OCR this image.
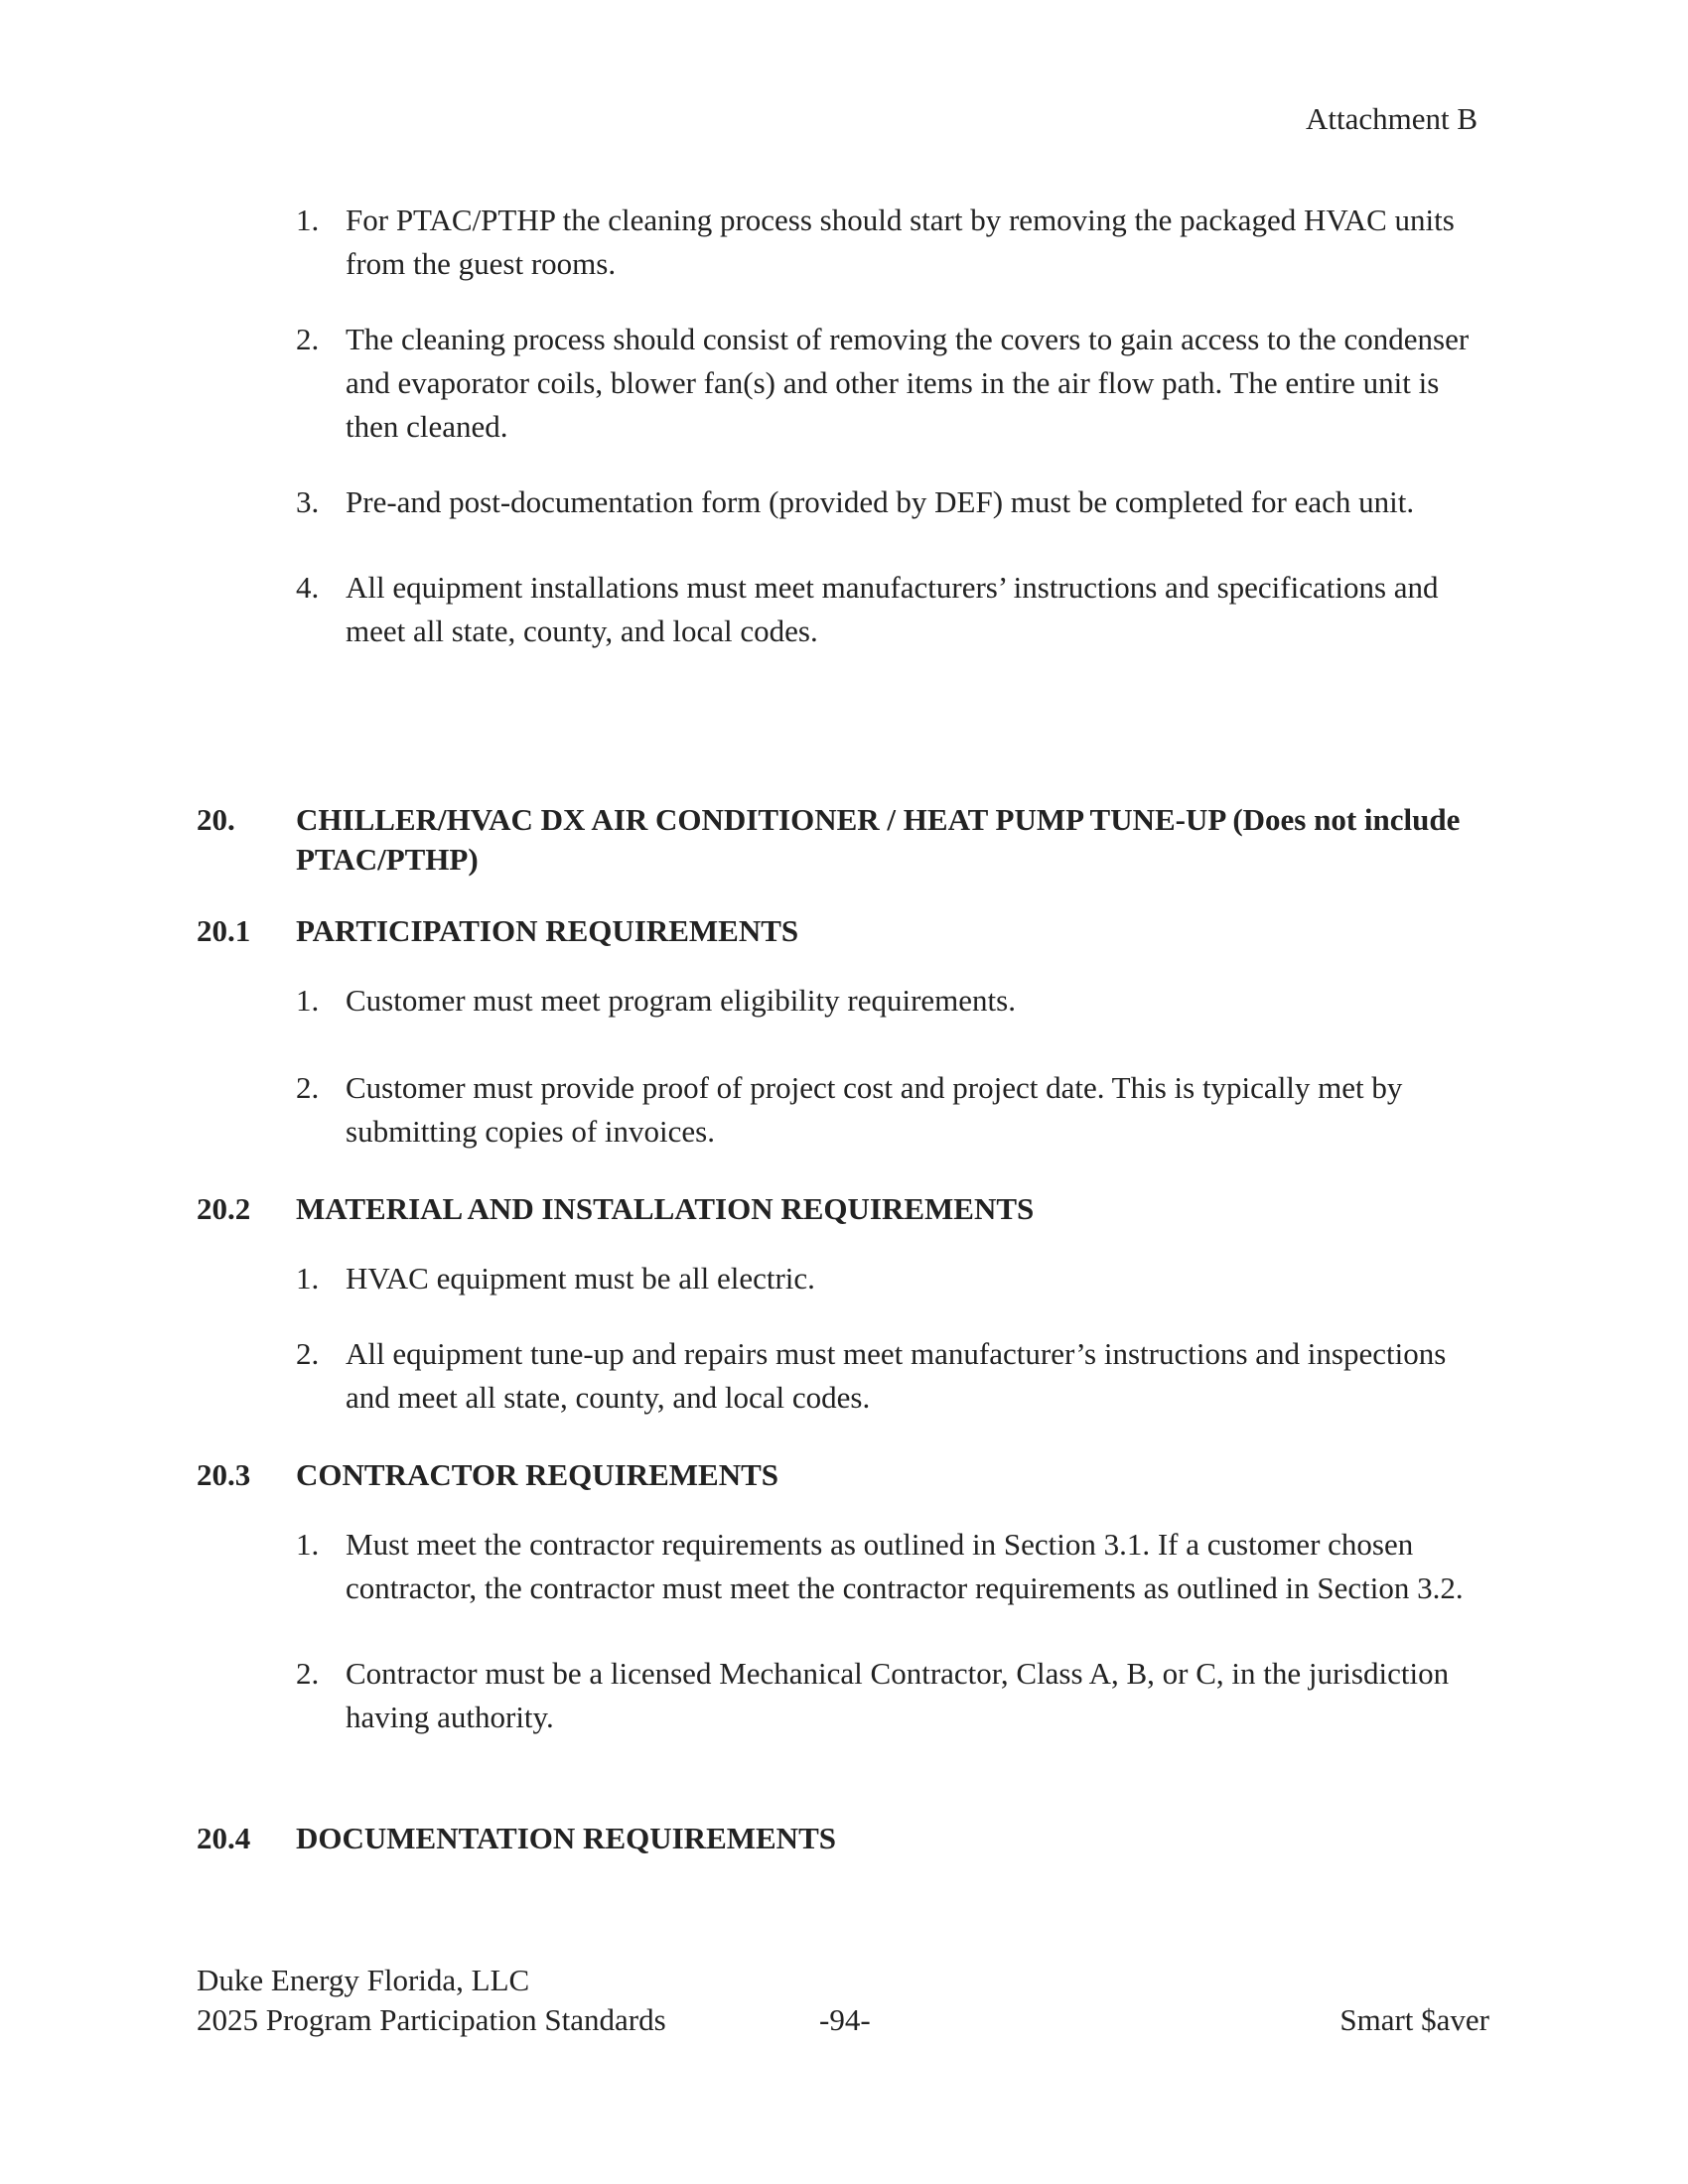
Attachment B
1. For PTAC/PTHP the cleaning process should start by removing the packaged HVAC units from the guest rooms.
2. The cleaning process should consist of removing the covers to gain access to the condenser and evaporator coils, blower fan(s) and other items in the air flow path. The entire unit is then cleaned.
3. Pre-and post-documentation form (provided by DEF) must be completed for each unit.
4. All equipment installations must meet manufacturers’ instructions and specifications and meet all state, county, and local codes.
20. CHILLER/HVAC DX AIR CONDITIONER / HEAT PUMP TUNE-UP (Does not include PTAC/PTHP)
20.1 PARTICIPATION REQUIREMENTS
1. Customer must meet program eligibility requirements.
2. Customer must provide proof of project cost and project date. This is typically met by submitting copies of invoices.
20.2 MATERIAL AND INSTALLATION REQUIREMENTS
1. HVAC equipment must be all electric.
2. All equipment tune-up and repairs must meet manufacturer’s instructions and inspections and meet all state, county, and local codes.
20.3 CONTRACTOR REQUIREMENTS
1. Must meet the contractor requirements as outlined in Section 3.1. If a customer chosen contractor, the contractor must meet the contractor requirements as outlined in Section 3.2.
2. Contractor must be a licensed Mechanical Contractor, Class A, B, or C, in the jurisdiction having authority.
20.4 DOCUMENTATION REQUIREMENTS
Duke Energy Florida, LLC
2025 Program Participation Standards	-94-	Smart $aver
